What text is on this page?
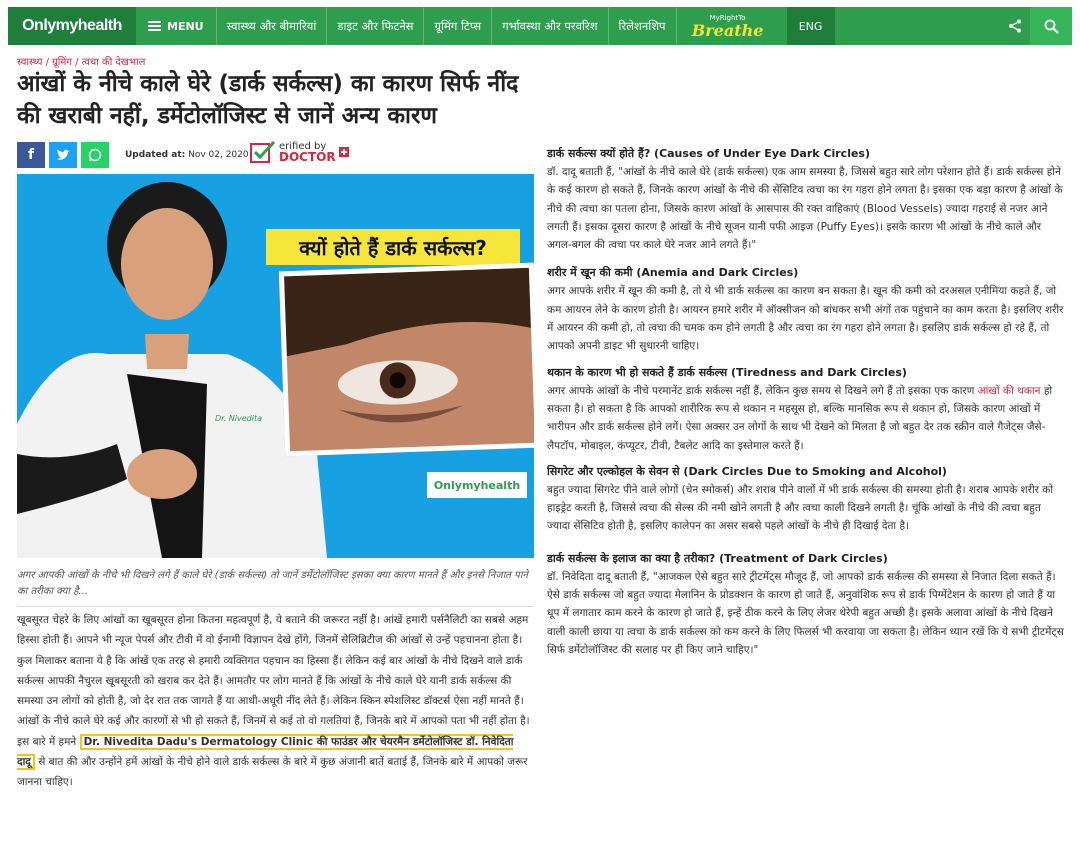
Onlymyhealth	MENU	स्वास्थ्य और बीमारियां	डाइट और फिटनेस	ग्रूमिंग टिप्स	गर्भावस्था और परवरिश	रिलेशनशिप
MyRightTo
Breathe	ENG
स्वास्थ्य / ग्रूमिंग / त्वचा की देखभाल
आंखों के नीचे काले घेरे (डार्क सर्कल्स) का कारण सिर्फ नींद की खराबी नहीं, डर्मेटोलॉजिस्ट से जानें अन्य कारण
f	Updated at: Nov 02, 2020
erified by
DOCTOR
Dr. Nivedita
क्यों होते हैं डार्क सर्कल्स?
Onlymyhealth
अगर आपकी आंखों के नीचे भी दिखने लगे हैं काले घेरे (डार्क सर्कल्स) तो जानें डर्मेटोलॉजिस्ट इसका क्या कारण मानते हैं और इनसे निजात पाने का तरीका क्या है...

खूबसूरत चेहरे के लिए आंखों का खूबसूरत होना कितना महत्वपूर्ण है, ये बताने की जरूरत नहीं है। आंखें हमारी पर्सनैलिटी का सबसे अहम हिस्सा होती हैं। आपने भी न्यूज पेपर्स और टीवी में वो ईनामी विज्ञापन देखे होंगे, जिनमें सेलिब्रिटीज की आंखों से उन्हें पहचानना होता है। कुल मिलाकर बताना ये है कि आंखें एक तरह से हमारी व्यक्तिगत पहचान का हिस्सा हैं। लेकिन कई बार आंखों के नीचे दिखने वाले डार्क सर्कल्स आपकी नैचुरल खूबसूरती को खराब कर देते हैं। आमतौर पर लोग मानते हैं कि आंखों के नीचे काले घेरे यानी डार्क सर्कल्स की समस्या उन लोगों को होती है, जो देर रात तक जागते हैं या आधी-अधूरी नींद लेते हैं। लेकिन स्किन स्पेशलिस्ट डॉक्टर्स ऐसा नहीं मानते हैं। आंखों के नीचे काले घेरे कई और कारणों से भी हो सकते हैं, जिनमें से कई तो वो गलतियां हैं, जिनके बारे में आपको पता भी नहीं होता है। इस बारे में हमने Dr. Nivedita Dadu's Dermatology Clinic की फाउंडर और चेयरमैन डर्मेटोलॉजिस्ट डॉ. निवेदिता दादू से बात की और उन्होंने हमें आंखों के नीचे होने वाले डार्क सर्कल्स के बारे में कुछ अंजानी बातें बताई हैं, जिनके बारे में आपको जरूर जानना चाहिए।

डार्क सर्कल्स क्यों होते हैं? (Causes of Under Eye Dark Circles)

डॉ. दादू बताती हैं, "आंखों के नीचे काले घेरे (डार्क सर्कल्स) एक आम समस्या है, जिससे बहुत सारे लोग परेशान होते हैं। डार्क सर्कल्स होने के कई कारण हो सकते हैं, जिनके कारण आंखों के नीचे की सेंसिटिव त्वचा का रंग गहरा होने लगता है। इसका एक बड़ा कारण है आंखों के नीचे की त्वचा का पतला होना, जिसके कारण आंखों के आसपास की रक्त वाहिकाएं (Blood Vessels) ज्यादा गहराई से नजर आने लगती हैं। इसका दूसरा कारण है आंखों के नीचे सूजन यानी पफी आइज (Puffy Eyes)। इसके कारण भी आंखों के नीचे काले और अगल-बगल की त्वचा पर काले घेरे नजर आने लगते हैं।"

शरीर में खून की कमी (Anemia and Dark Circles)

अगर आपके शरीर में खून की कमी है, तो ये भी डार्क सर्कल्स का कारण बन सकता है। खून की कमी को दरअसल एनीमिया कहते हैं, जो कम आयरन लेने के कारण होती है। आयरन हमारे शरीर में ऑक्सीजन को बांधकर सभी अंगों तक पहुंचाने का काम करता है। इसलिए शरीर में आयरन की कमी हो, तो त्वचा की चमक कम होने लगती है और त्वचा का रंग गहरा होने लगता है। इसलिए डार्क सर्कल्स हो रहे हैं, तो आपको अपनी डाइट भी सुधारनी चाहिए।

थकान के कारण भी हो सकते हैं डार्क सर्कल्स (Tiredness and Dark Circles)

अगर आपके आंखों के नीचे परमानेंट डार्क सर्कल्स नहीं हैं, लेकिन कुछ समय से दिखने लगे हैं तो इसका एक कारण आंखों की थकान हो सकता है। हो सकता है कि आपको शारीरिक रूप से थकान न महसूस हो, बल्कि मानसिक रूप से थकान हो, जिसके कारण आंखों में भारीपन और डार्क सर्कल्स होने लगें। ऐसा अक्सर उन लोगों के साथ भी देखने को मिलता है जो बहुत देर तक स्क्रीन वाले गैजेट्स जैसे- लैपटॉप, मोबाइल, कंप्यूटर, टीवी, टैबलेट आदि का इस्तेमाल करते हैं।

सिगरेट और एल्कोहल के सेवन से (Dark Circles Due to Smoking and Alcohol)

बहुत ज्यादा सिगरेट पीने वाले लोगों (चेन स्मोकर्स) और शराब पीने वालों में भी डार्क सर्कल्स की समस्या होती है। शराब आपके शरीर को हाइड्रेट करती है, जिससे त्वचा की सेल्स की नमी खोने लगती है और त्वचा काली दिखने लगती है। चूंकि आंखों के नीचे की त्वचा बहुत ज्यादा सेंसिटिव होती है, इसलिए कालेपन का असर सबसे पहले आंखों के नीचे ही दिखाई देता है।

डार्क सर्कल्स के इलाज का क्या है तरीका? (Treatment of Dark Circles)

डॉ. निवेदिता दादू बताती हैं, "आजकल ऐसे बहुत सारे ट्रीटमेंट्स मौजूद हैं, जो आपको डार्क सर्कल्स की समस्या से निजात दिला सकते हैं। ऐसे डार्क सर्कल्स जो बहुत ज्यादा मेलानिन के प्रोडक्शन के कारण हो जाते हैं, अनुवांशिक रूप से डार्क पिग्मेंटेशन के कारण हो जाते हैं या धूप में लगातार काम करने के कारण हो जाते हैं, इन्हें ठीक करने के लिए लेजर थेरेपी बहुत अच्छी है। इसके अलावा आंखों के नीचे दिखने वाली काली छाया या त्वचा के डार्क सर्कल्स को कम करने के लिए फिलर्स भी करवाया जा सकता है। लेकिन ध्यान रखें कि ये सभी ट्रीटमेंट्स सिर्फ डर्मेटोलॉजिस्ट की सलाह पर ही किए जाने चाहिए।"
